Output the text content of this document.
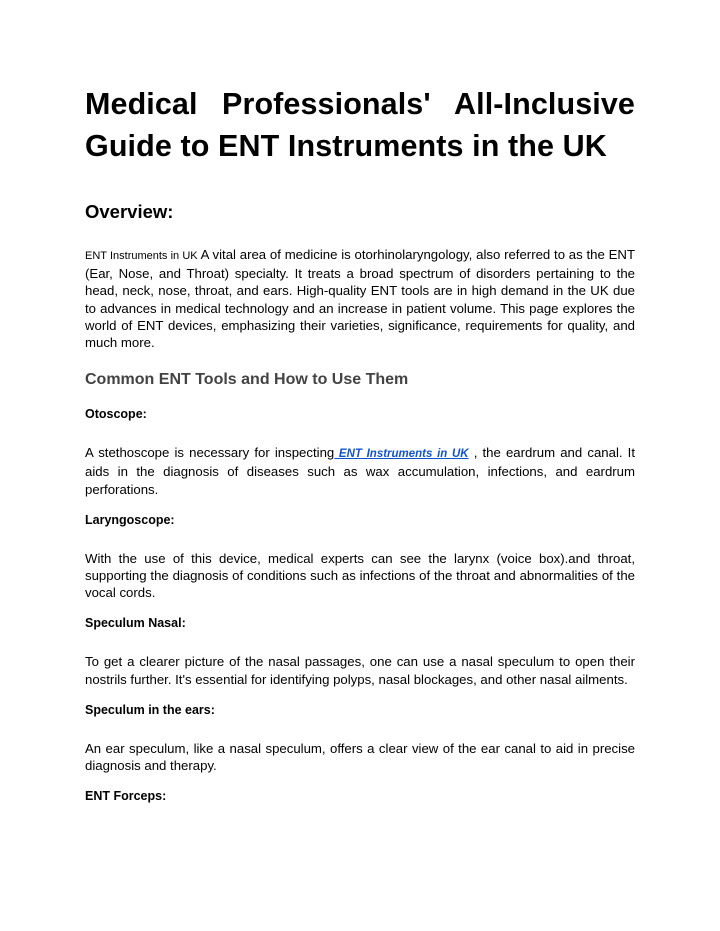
Medical Professionals' All-Inclusive Guide to ENT Instruments in the UK
Overview:

ENT Instruments in UK A vital area of medicine is otorhinolaryngology, also referred to as the ENT (Ear, Nose, and Throat) specialty. It treats a broad spectrum of disorders pertaining to the head, neck, nose, throat, and ears. High-quality ENT tools are in high demand in the UK due to advances in medical technology and an increase in patient volume. This page explores the world of ENT devices, emphasizing their varieties, significance, requirements for quality, and much more.

Common ENT Tools and How to Use Them
Otoscope:

A stethoscope is necessary for inspecting ENT Instruments in UK , the eardrum and canal. It aids in the diagnosis of diseases such as wax accumulation, infections, and eardrum perforations.

Laryngoscope:

With the use of this device, medical experts can see the larynx (voice box).and throat, supporting the diagnosis of conditions such as infections of the throat and abnormalities of the vocal cords.

Speculum Nasal:

To get a clearer picture of the nasal passages, one can use a nasal speculum to open their nostrils further. It's essential for identifying polyps, nasal blockages, and other nasal ailments.

Speculum in the ears:

An ear speculum, like a nasal speculum, offers a clear view of the ear canal to aid in precise diagnosis and therapy.

ENT Forceps:
